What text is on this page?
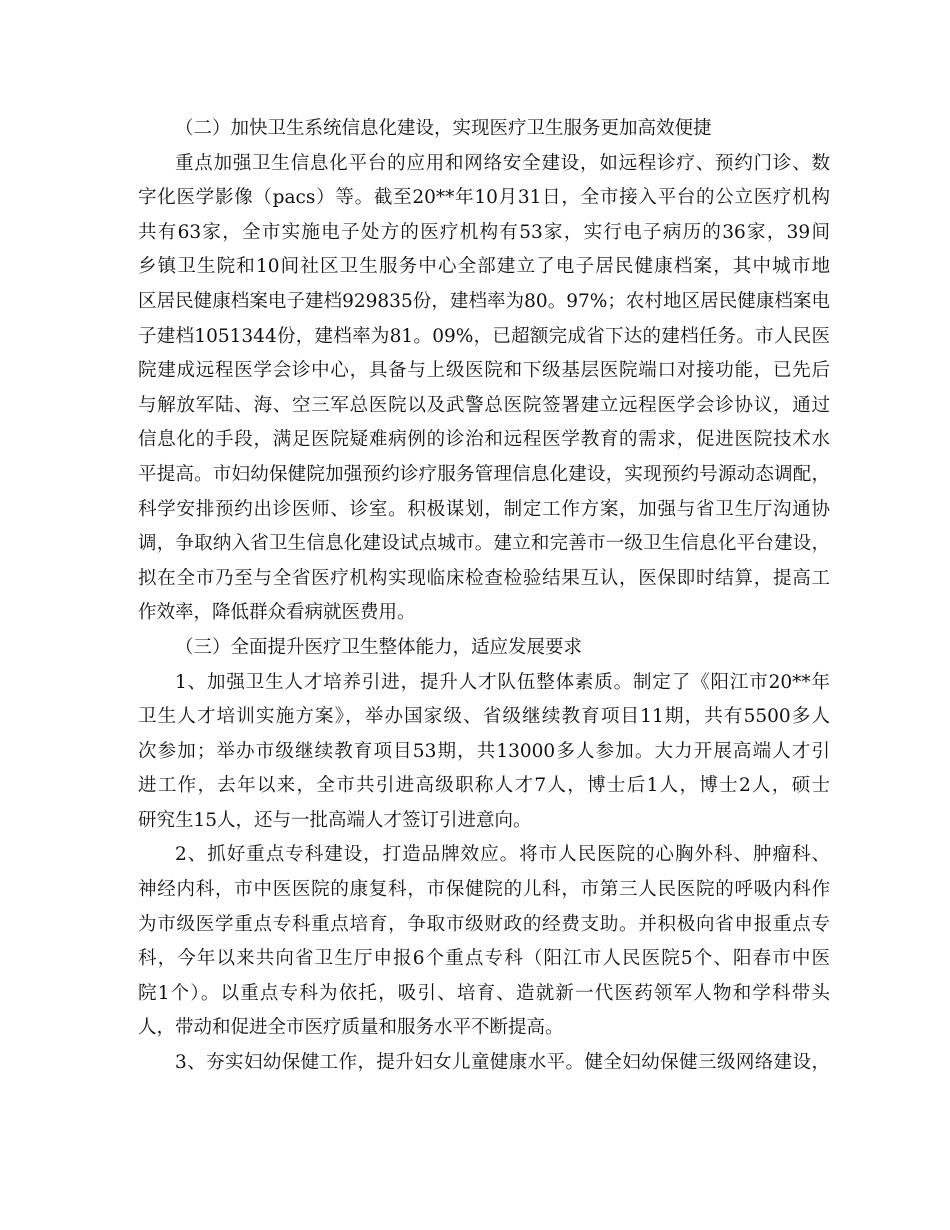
（二）加快卫生系统信息化建设，实现医疗卫生服务更加高效便捷
重点加强卫生信息化平台的应用和网络安全建设，如远程诊疗、预约门诊、数
字化医学影像（pacs）等。截至20**年10月31日，全市接入平台的公立医疗机构
共有63家，全市实施电子处方的医疗机构有53家，实行电子病历的36家，39间
乡镇卫生院和10间社区卫生服务中心全部建立了电子居民健康档案，其中城市地
区居民健康档案电子建档929835份，建档率为80。97%；农村地区居民健康档案电
子建档1051344份，建档率为81。09%，已超额完成省下达的建档任务。市人民医
院建成远程医学会诊中心，具备与上级医院和下级基层医院端口对接功能，已先后
与解放军陆、海、空三军总医院以及武警总医院签署建立远程医学会诊协议，通过
信息化的手段，满足医院疑难病例的诊治和远程医学教育的需求，促进医院技术水
平提高。市妇幼保健院加强预约诊疗服务管理信息化建设，实现预约号源动态调配，
科学安排预约出诊医师、诊室。积极谋划，制定工作方案，加强与省卫生厅沟通协
调，争取纳入省卫生信息化建设试点城市。建立和完善市一级卫生信息化平台建设，
拟在全市乃至与全省医疗机构实现临床检查检验结果互认，医保即时结算，提高工
作效率，降低群众看病就医费用。
（三）全面提升医疗卫生整体能力，适应发展要求
1、加强卫生人才培养引进，提升人才队伍整体素质。制定了《阳江市20**年
卫生人才培训实施方案》，举办国家级、省级继续教育项目11期，共有5500多人
次参加；举办市级继续教育项目53期，共13000多人参加。大力开展高端人才引
进工作，去年以来，全市共引进高级职称人才7人，博士后1人，博士2人，硕士
研究生15人，还与一批高端人才签订引进意向。
2、抓好重点专科建设，打造品牌效应。将市人民医院的心胸外科、肿瘤科、
神经内科，市中医医院的康复科，市保健院的儿科，市第三人民医院的呼吸内科作
为市级医学重点专科重点培育，争取市级财政的经费支助。并积极向省申报重点专
科，今年以来共向省卫生厅申报6个重点专科（阳江市人民医院5个、阳春市中医
院1个）。以重点专科为依托，吸引、培育、造就新一代医药领军人物和学科带头
人，带动和促进全市医疗质量和服务水平不断提高。
3、夯实妇幼保健工作，提升妇女儿童健康水平。健全妇幼保健三级网络建设，
